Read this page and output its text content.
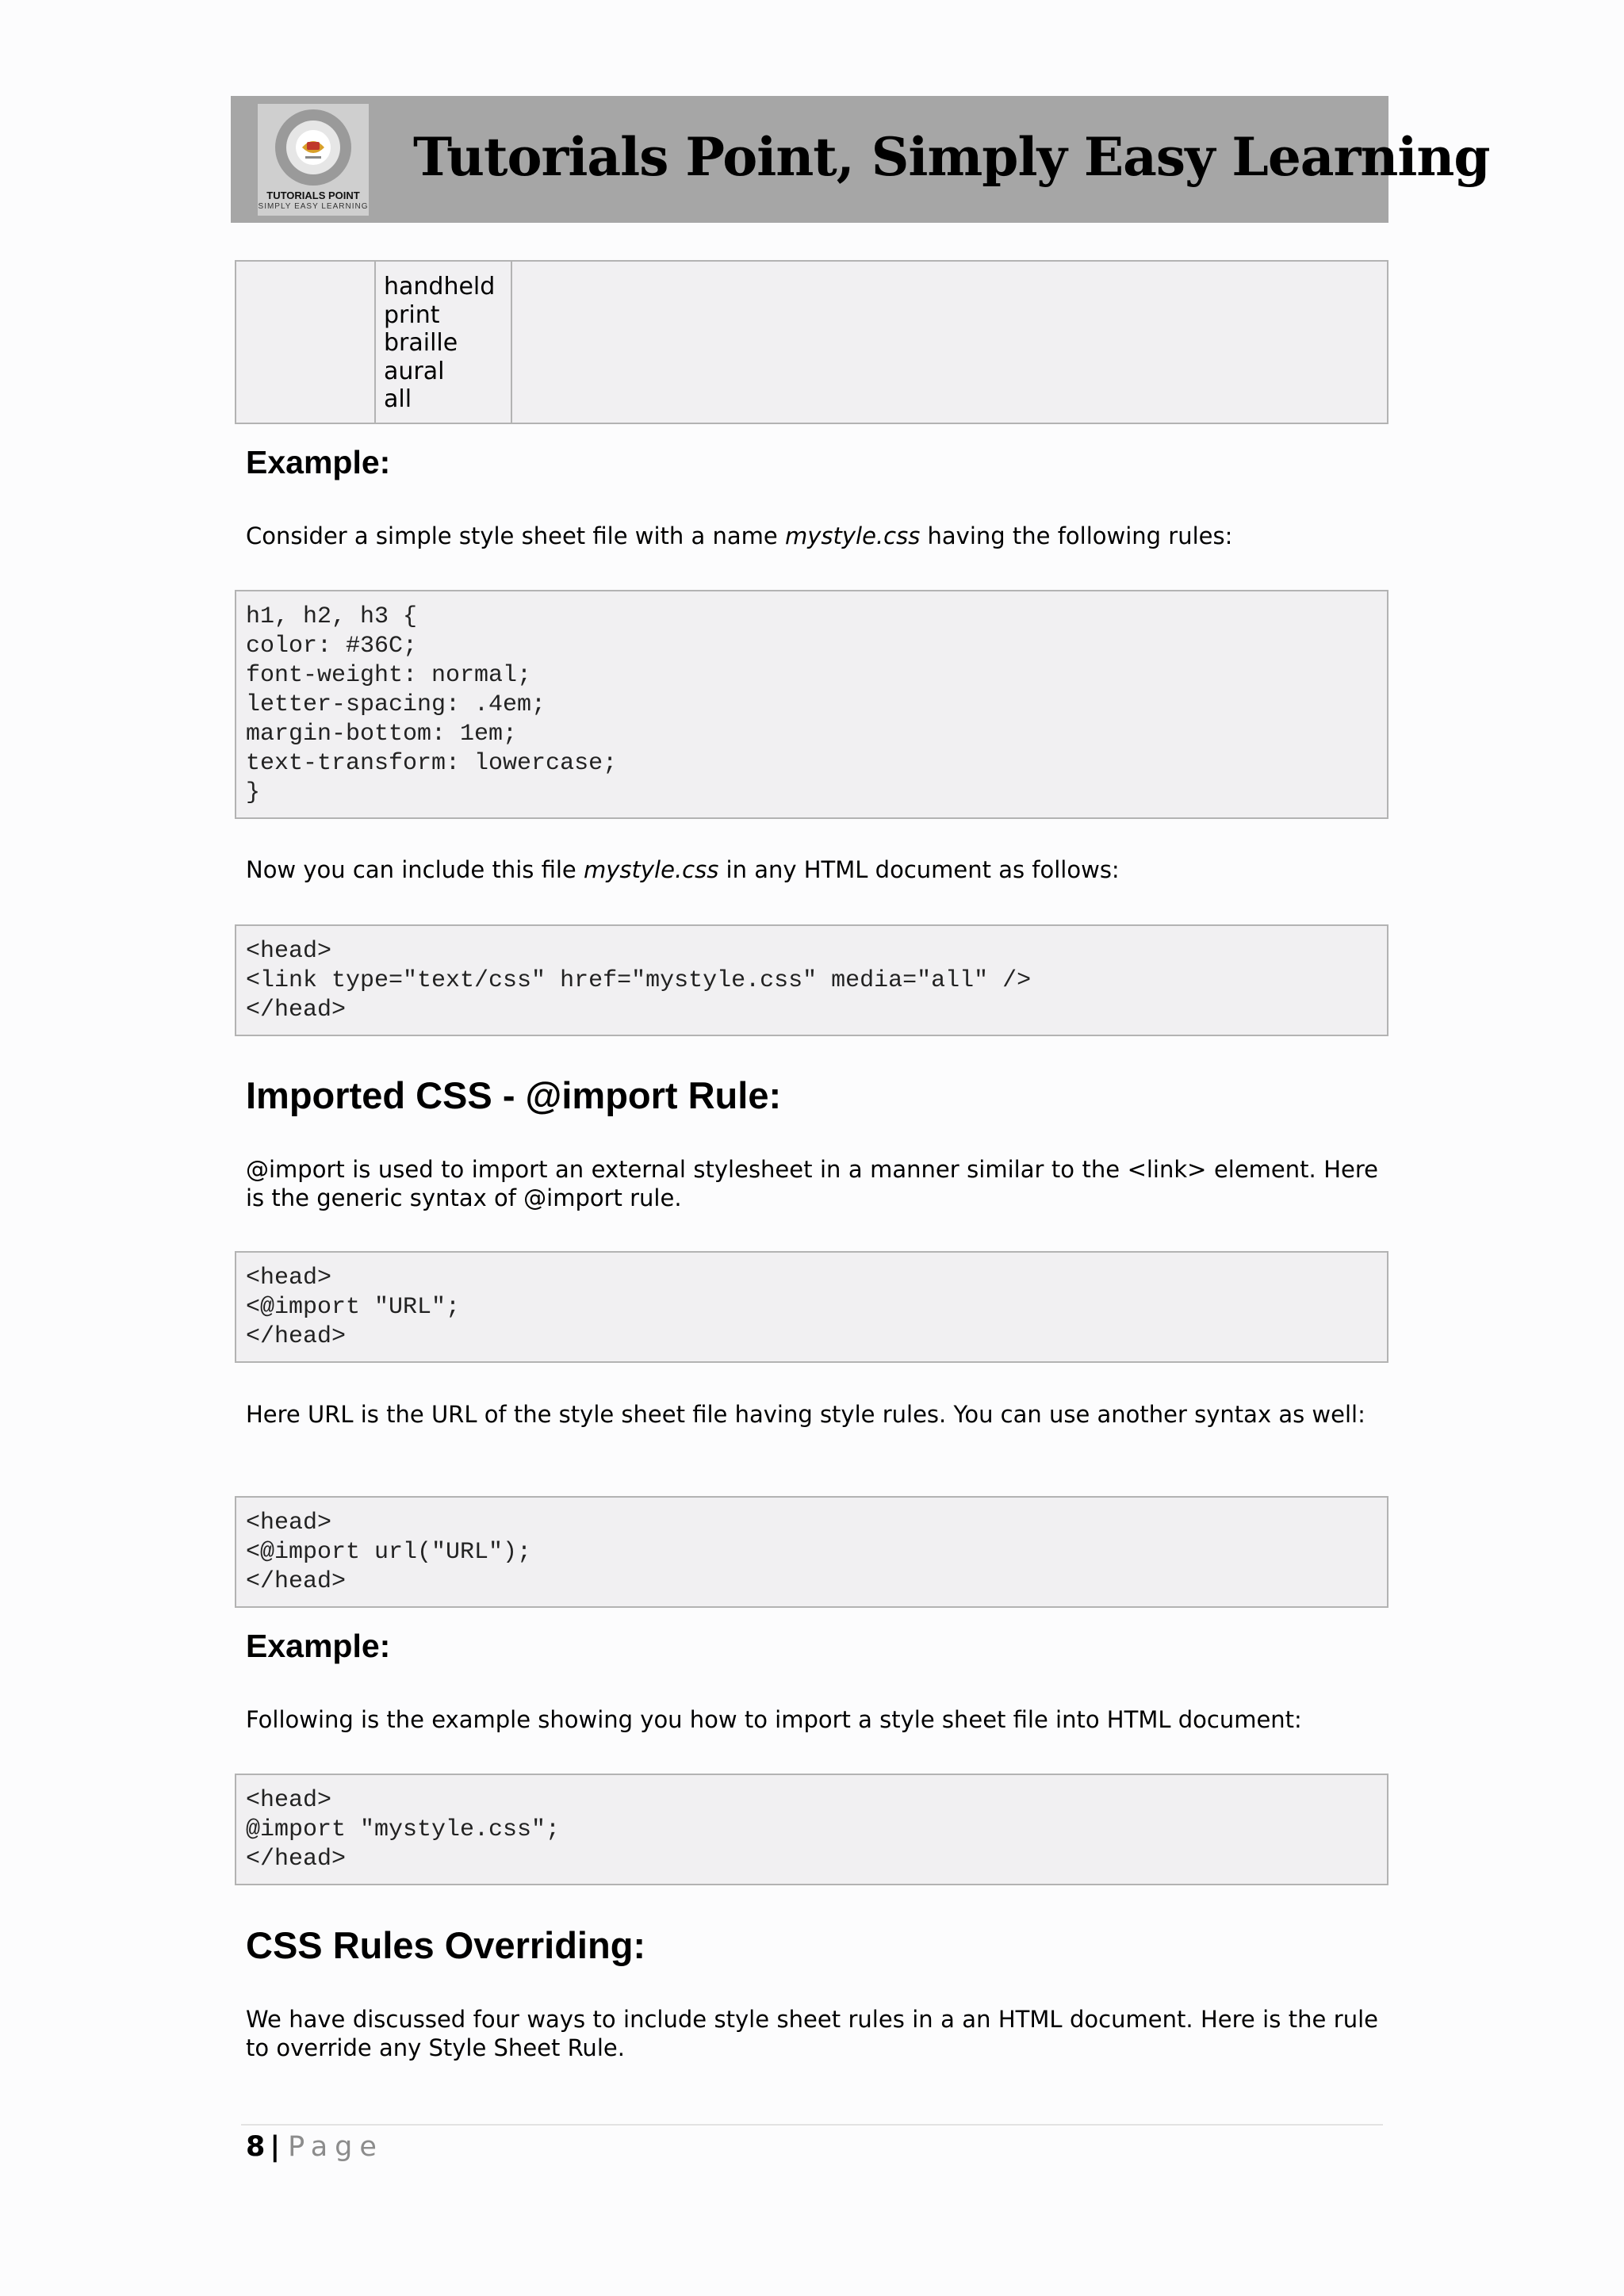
TUTORIALS POINT
SIMPLY EASY LEARNING
Tutorials Point, Simply Easy Learning
handheld
print
braille
aural
all
Example:
Consider a simple style sheet file with a name mystyle.css having the following rules:
h1, h2, h3 {
color: #36C;
font-weight: normal;
letter-spacing: .4em;
margin-bottom: 1em;
text-transform: lowercase;
}
Now you can include this file mystyle.css in any HTML document as follows:
<head>
<link type="text/css" href="mystyle.css" media="all" />
</head>
Imported CSS - @import Rule:
@import is used to import an external stylesheet in a manner similar to the <link> element. Here is the generic syntax of @import rule.
<head>
<@import "URL";
</head>
Here URL is the URL of the style sheet file having style rules. You can use another syntax as well:
<head>
<@import url("URL");
</head>
Example:
Following is the example showing you how to import a style sheet file into HTML document:
<head>
@import "mystyle.css";
</head>
CSS Rules Overriding:
We have discussed four ways to include style sheet rules in a an HTML document. Here is the rule to override any Style Sheet Rule.
8 | Page
